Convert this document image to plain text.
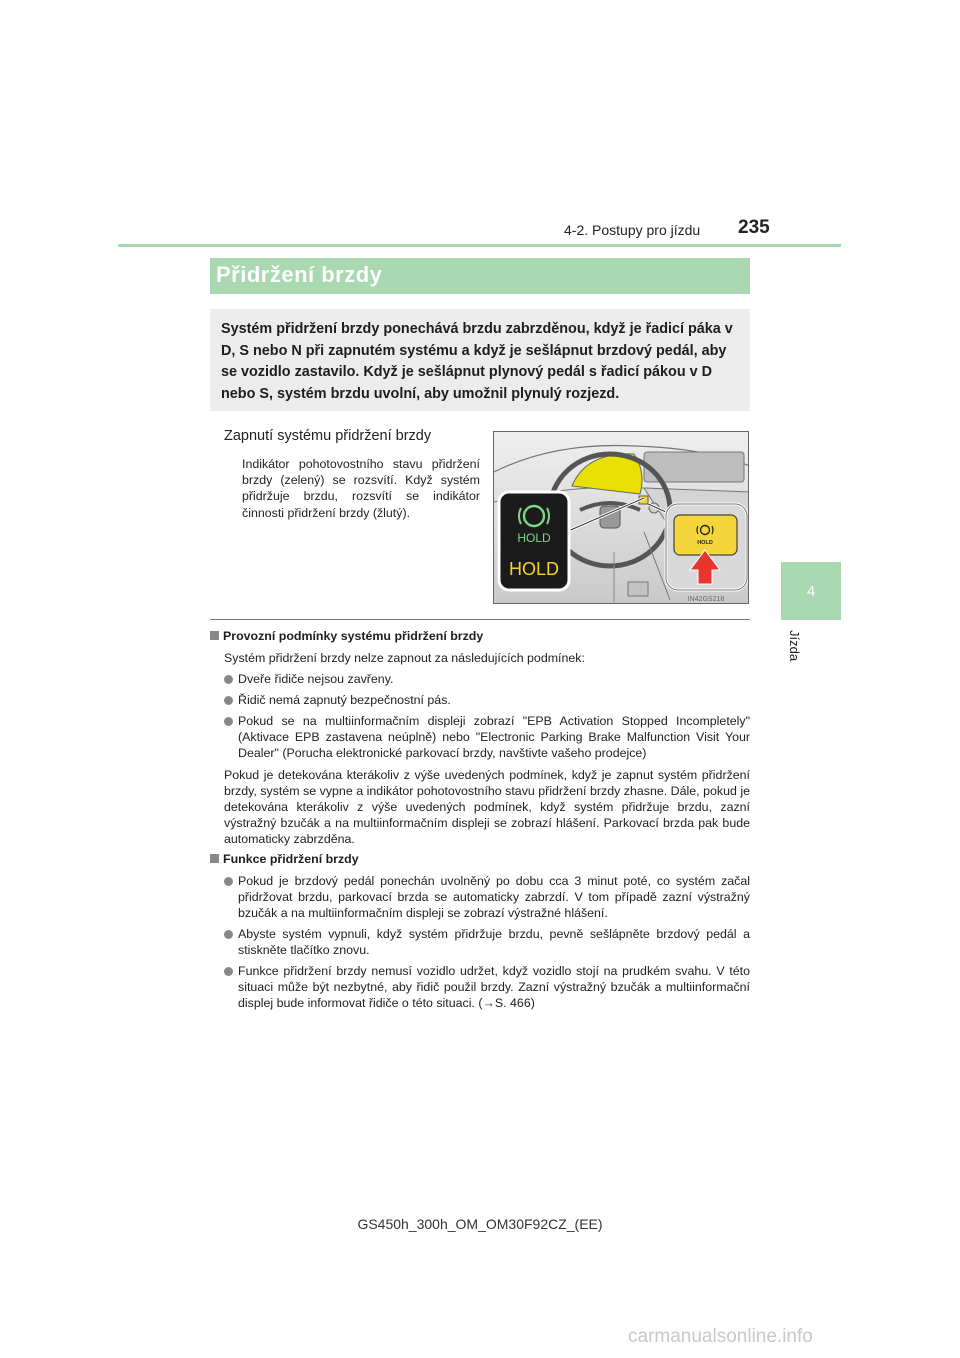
4-2. Postupy pro jízdu 235
4
Jízda
Přidržení brzdy
Systém přidržení brzdy ponechává brzdu zabrzděnou, když je řadicí páka v D, S nebo N při zapnutém systému a když je sešlápnut brzdový pedál, aby se vozidlo zastavilo. Když je sešlápnut plynový pedál s řadicí pákou v D nebo S, systém brzdu uvolní, aby umožnil plynulý rozjezd.
Zapnutí systému přidržení brzdy
Indikátor pohotovostního stavu přidržení brzdy (zelený) se rozsvítí. Když systém přidržuje brzdu, rozsvítí se indikátor činnosti přidržení brzdy (žlutý).
HOLD
HOLD
HOLD
IN42GS218
Provozní podmínky systému přidržení brzdy
Systém přidržení brzdy nelze zapnout za následujících podmínek:
Dveře řidiče nejsou zavřeny.
Řidič nemá zapnutý bezpečnostní pás.
Pokud se na multiinformačním displeji zobrazí "EPB Activation Stopped Incompletely" (Aktivace EPB zastavena neúplně) nebo "Electronic Parking Brake Malfunction Visit Your Dealer" (Porucha elektronické parkovací brzdy, navštivte vašeho prodejce)
Pokud je detekována kterákoliv z výše uvedených podmínek, když je zapnut systém přidržení brzdy, systém se vypne a indikátor pohotovostního stavu přidržení brzdy zhasne. Dále, pokud je detekována kterákoliv z výše uvedených podmínek, když systém přidržuje brzdu, zazní výstražný bzučák a na multiinformačním displeji se zobrazí hlášení. Parkovací brzda pak bude automaticky zabrzděna.
Funkce přidržení brzdy
Pokud je brzdový pedál ponechán uvolněný po dobu cca 3 minut poté, co systém začal přidržovat brzdu, parkovací brzda se automaticky zabrzdí. V tom případě zazní výstražný bzučák a na multiinformačním displeji se zobrazí výstražné hlášení.
Abyste systém vypnuli, když systém přidržuje brzdu, pevně sešlápněte brzdový pedál a stiskněte tlačítko znovu.
Funkce přidržení brzdy nemusí vozidlo udržet, když vozidlo stojí na prudkém svahu. V této situaci může být nezbytné, aby řidič použil brzdy. Zazní výstražný bzučák a multiinformační displej bude informovat řidiče o této situaci. (→S. 466)
GS450h_300h_OM_OM30F92CZ_(EE)
carmanualsonline.info
